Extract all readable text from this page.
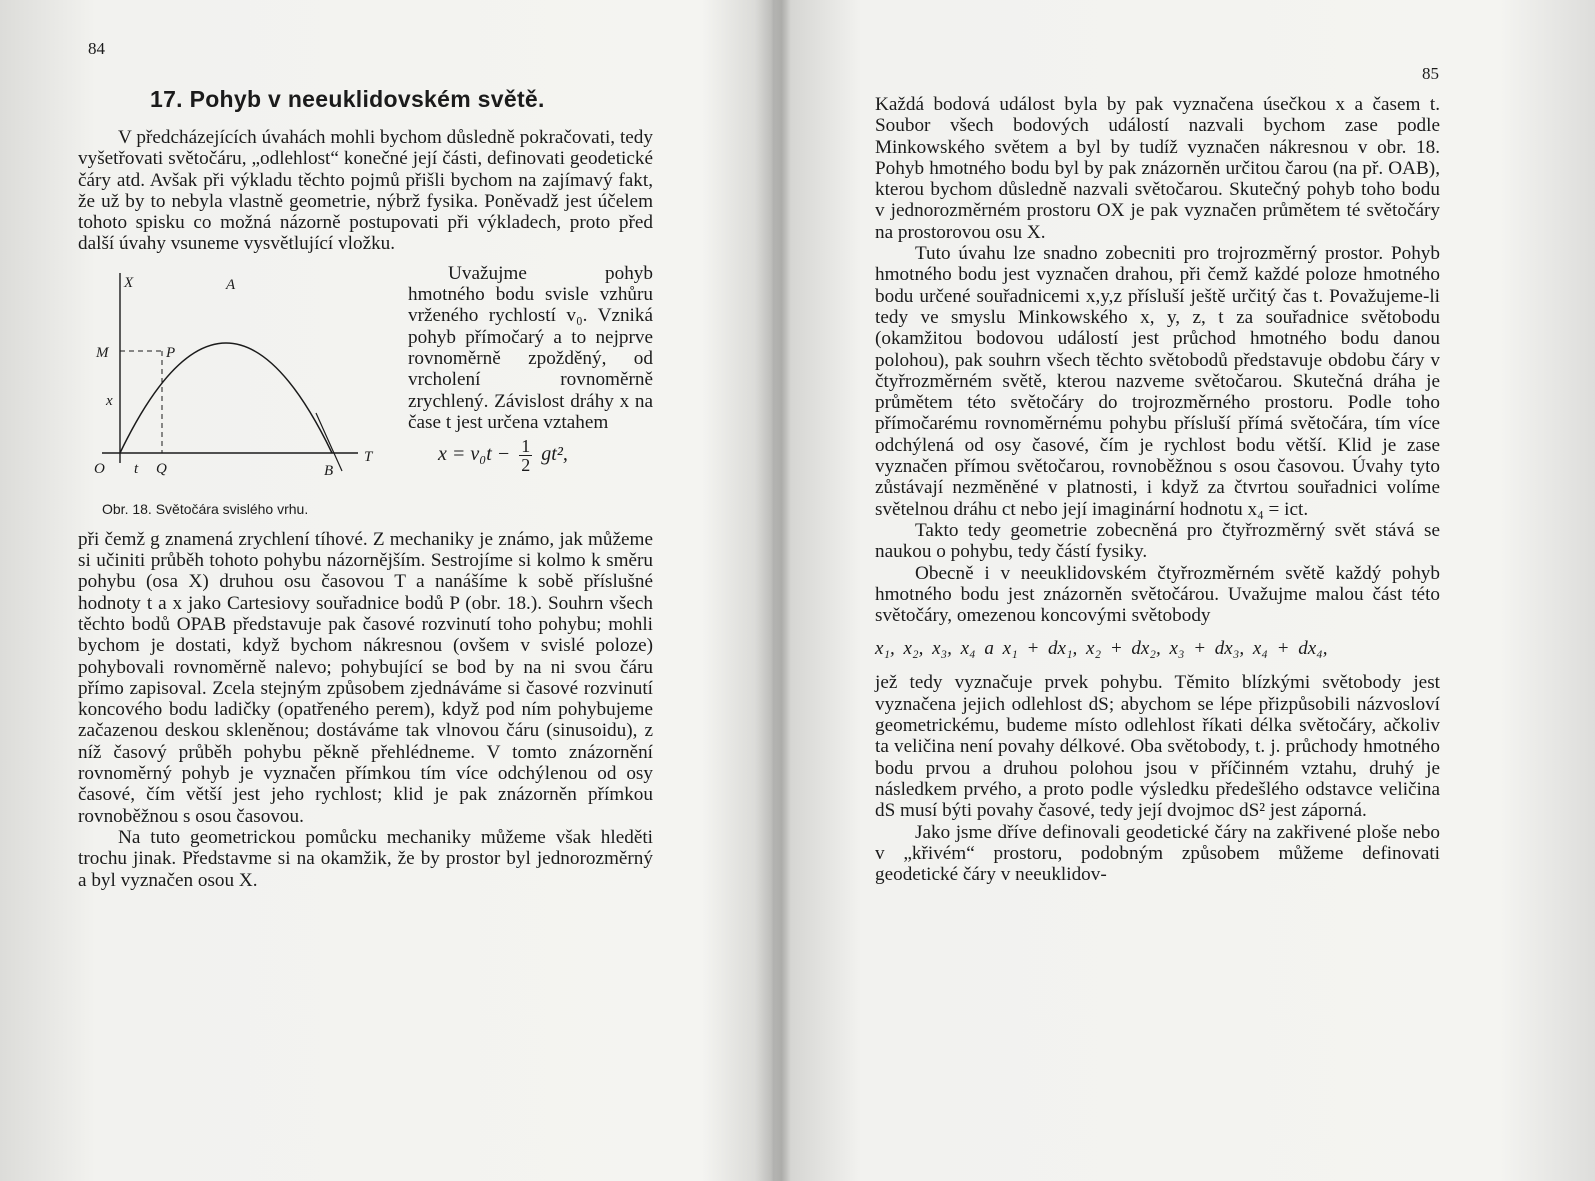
84
17. Pohyb v neeuklidovském světě.

V předcházejících úvahách mohli bychom důsledně pokračovati, tedy vyšetřovati světočáru, „odlehlost“ konečné její části, definovati geodetické čáry atd. Avšak při výkladu těchto pojmů přišli bychom na zajímavý fakt, že už by to nebyla vlastně geometrie, nýbrž fysika. Poněvadž jest účelem tohoto spisku co možná názorně postupovati při výkladech, proto před další úvahy vsuneme vysvětlující vložku.

X	A
M	P
x
O t Q	B
T
Obr. 18. Světočára svislého vrhu.

Uvažujme pohyb hmotného bodu svisle vzhůru vrženého rychlostí v₀. Vzniká pohyb přímočarý a to nejprve rovnoměrně zpožděný, od vrcholení rovnoměrně zrychlený. Závislost dráhy x na čase t jest určena vztahem

$x = v_0t - \frac{1}{2} gt^2$,

při čemž g znamená zrychlení tíhové. Z mechaniky je známo, jak můžeme si učiniti průběh tohoto pohybu názornějším. Sestrojíme si kolmo k směru pohybu (osa X) druhou osu časovou T a nanášíme k sobě příslušné hodnoty t a x jako Cartesiovy souřadnice bodů P (obr. 18.). Souhrn všech těchto bodů OPAB představuje pak časové rozvinutí toho pohybu; mohli bychom je dostati, když bychom nákresnou (ovšem v svislé poloze) pohybovali rovnoměrně nalevo; pohybující se bod by na ni svou čáru přímo zapisoval. Zcela stejným způsobem zjednáváme si časové rozvinutí koncového bodu ladičky (opatřeného perem), když pod ním pohybujeme začazenou deskou skleněnou; dostáváme tak vlnovou čáru (sinusoidu), z níž časový průběh pohybu pěkně přehlédneme. V tomto znázornění rovnoměrný pohyb je vyznačen přímkou tím více odchýlenou od osy časové, čím větší jest jeho rychlost; klid je pak znázorněn přímkou rovnoběžnou s osou časovou.

Na tuto geometrickou pomůcku mechaniky můžeme však hleděti trochu jinak. Představme si na okamžik, že by prostor byl jednorozměrný a byl vyznačen osou X.

85

Každá bodová událost byla by pak vyznačena úsečkou x a časem t. Soubor všech bodových událostí nazvali bychom zase podle Minkowského světem a byl by tudíž vyznačen nákresnou v obr. 18. Pohyb hmotného bodu byl by pak znázorněn určitou čarou (na př. OAB), kterou bychom důsledně nazvali světočarou. Skutečný pohyb toho bodu v jednorozměrném prostoru OX je pak vyznačen průmětem té světočáry na prostorovou osu X.

Tuto úvahu lze snadno zobecniti pro trojrozměrný prostor. Pohyb hmotného bodu jest vyznačen drahou, při čemž každé poloze hmotného bodu určené souřadnicemi x,y,z přísluší ještě určitý čas t. Považujeme-li tedy ve smyslu Minkowského x, y, z, t za souřadnice světobodu (okamžitou bodovou událostí jest průchod hmotného bodu danou polohou), pak souhrn všech těchto světobodů představuje obdobu čáry v čtyřrozměrném světě, kterou nazveme světočarou. Skutečná dráha je průmětem této světočáry do trojrozměrného prostoru. Podle toho přímočarému rovnoměrnému pohybu přísluší přímá světočára, tím více odchýlená od osy časové, čím je rychlost bodu větší. Klid je zase vyznačen přímou světočarou, rovnoběžnou s osou časovou. Úvahy tyto zůstávají nezměněné v platnosti, i když za čtvrtou souřadnici volíme světelnou dráhu ct nebo její imaginární hodnotu x₄ = ict.

Takto tedy geometrie zobecněná pro čtyřrozměrný svět stává se naukou o pohybu, tedy částí fysiky.

Obecně i v neeuklidovském čtyřrozměrném světě každý pohyb hmotného bodu jest znázorněn světočárou. Uvažujme malou část této světočáry, omezenou koncovými světobody

x₁, x₂, x₃, x₄ a x₁ + dx₁, x₂ + dx₂, x₃ + dx₃, x₄ + dx₄,

jež tedy vyznačuje prvek pohybu. Těmito blízkými světobody jest vyznačena jejich odlehlost dS; abychom se lépe přizpůsobili názvosloví geometrickému, budeme místo odlehlost říkati délka světočáry, ačkoliv ta veličina není povahy délkové. Oba světobody, t. j. průchody hmotného bodu prvou a druhou polohou jsou v příčinném vztahu, druhý je následkem prvého, a proto podle výsledku předešlého odstavce veličina dS musí býti povahy časové, tedy její dvojmoc dS² jest záporná.

Jako jsme dříve definovali geodetické čáry na zakřivené ploše nebo v „křivém“ prostoru, podobným způsobem můžeme definovati geodetické čáry v neeuklidov-
